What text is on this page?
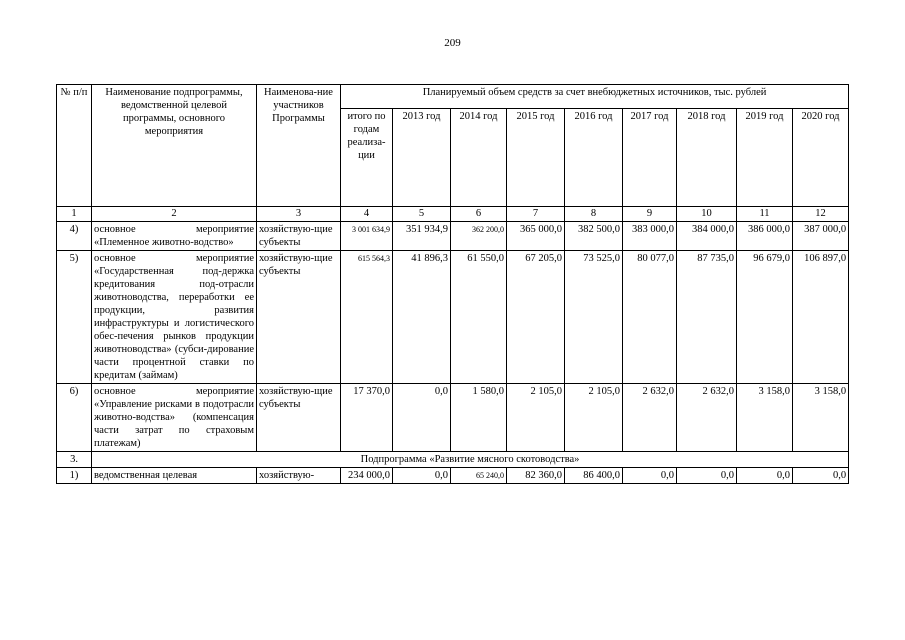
209
№ п/п	Наименование подпрограммы, ведомственной целевой программы, основного мероприятия	Наименова-ние участников Программы	Планируемый объем средств за счет внебюджетных источников, тыс. рублей								
			итого по годам реализа-ции	2013 год	2014 год	2015 год	2016 год	2017 год	2018 год	2019 год	2020 год
1	2	3	4	5	6	7	8	9	10	11	12
4)	основное мероприятие «Племенное животно-водство»	хозяйствую-щие субъекты	3 001 634,9	351 934,9	362 200,0	365 000,0	382 500,0	383 000,0	384 000,0	386 000,0	387 000,0
5)	основное мероприятие «Государственная под-держка кредитования под-отрасли животноводства, переработки ее продукции, развития инфраструктуры и логистического обес-печения рынков продукции животноводства» (субси-дирование части процентной ставки по кредитам (займам)	хозяйствую-щие субъекты	615 564,3	41 896,3	61 550,0	67 205,0	73 525,0	80 077,0	87 735,0	96 679,0	106 897,0
6)	основное мероприятие «Управление рисками в подотрасли животно-водства» (компенсация части затрат по страховым платежам)	хозяйствую-щие субъекты	17 370,0	0,0	1 580,0	2 105,0	2 105,0	2 632,0	2 632,0	3 158,0	3 158,0
3.	Подпрограмма «Развитие мясного скотоводства»										
1)	ведомственная целевая	хозяйствую-	234 000,0	0,0	65 240,0	82 360,0	86 400,0	0,0	0,0	0,0	0,0
